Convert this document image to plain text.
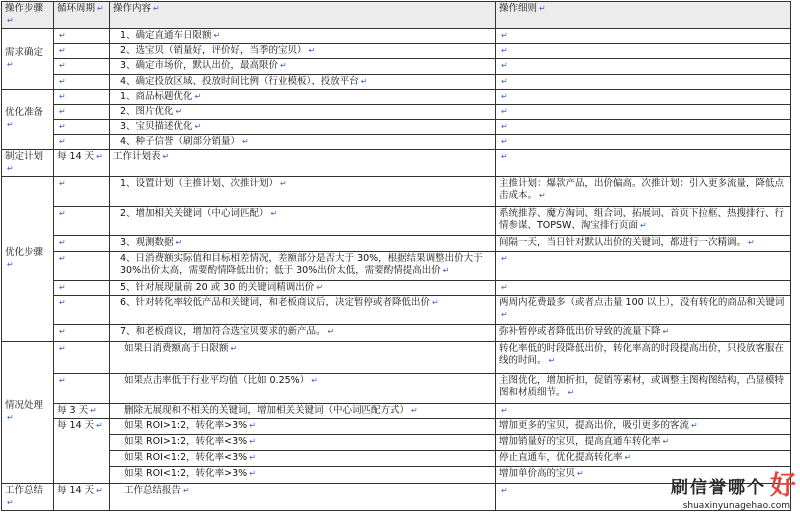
操作步骤↵	循环周期 ↵	操作内容 ↵	操作细则 ↵
需求确定↵	↵	1、确定直通车日限额 ↵	↵
	↵	2、选宝贝（销量好，评价好，当季的宝贝） ↵	↵
	↵	3、确定市场价，默认出价，最高限价 ↵	↵
	↵	4、确定投放区域、投放时间比例（行业模板）、投放平台 ↵	↵
优化准备↵	↵	1、商品标题优化 ↵	↵
	↵	2、图片优化 ↵	↵
	↵	3、宝贝描述优化 ↵	↵
	↵	4、种子信誉（刷部分销量） ↵	↵
制定计划↵	每 14 天 ↵	工作计划表 ↵	↵
优化步骤↵	↵	1、设置计划（主推计划、次推计划） ↵	主推计划：爆款产品，出价偏高。次推计划：引入更多流量，降低点击成本。 ↵
	↵	2、增加相关关键词（中心词匹配） ↵	系统推荐、魔方淘词、组合词、拓展词、首页下拉框、热搜排行、行情参谋、TOPSW、淘宝排行页面 ↵
	↵	3、观测数据 ↵	间隔一天，当日针对默认出价的关键词，都进行一次精调。 ↵
	↵	4、日消费额实际值和目标相差情况，差额部分是否大于 30%，根据结果调整出价大于 30%出价太高，需要酌情降低出价；低于 30%出价太低，需要酌情提高出价 ↵	↵
	↵	5、针对展现量前 20 或 30 的关键词精调出价 ↵	↵
	↵	6、针对转化率较低产品和关键词，和老板商议后，决定暂停或者降低出价 ↵	两周内花费最多（或者点击量 100 以上），没有转化的商品和关键词↵
	↵	7、和老板商议，增加符合选宝贝要求的新产品。 ↵	弥补暂停或者降低出价导致的流量下降 ↵
情况处理↵	↵	如果日消费额高于日限额 ↵	转化率低的时段降低出价，转化率高的时段提高出价，只投放客服在线的时间。 ↵
	↵	如果点击率低于行业平均值（比如 0.25%） ↵	主图优化，增加折扣，促销等素材，或调整主图构图结构，凸显模特图和材质细节。 ↵
	每 3 天 ↵	删除无展现和不相关的关键词，增加相关关键词（中心词匹配方式） ↵	↵
	每 14 天 ↵	如果 ROI>1:2，转化率>3% ↵	增加更多的宝贝，提高出价，吸引更多的客流 ↵
		如果 ROI>1:2，转化率<3% ↵	增加销量好的宝贝，提高直通车转化率 ↵
		如果 ROI<1:2，转化率<3% ↵	停止直通车，优化提高转化率 ↵
		如果 ROI<1:2，转化率>3% ↵	增加单价高的宝贝 ↵
工作总结↵	每 14 天 ↵	工作总结报告 ↵	↵	刷信誉哪个 好
shuaxinyunagehao.com
